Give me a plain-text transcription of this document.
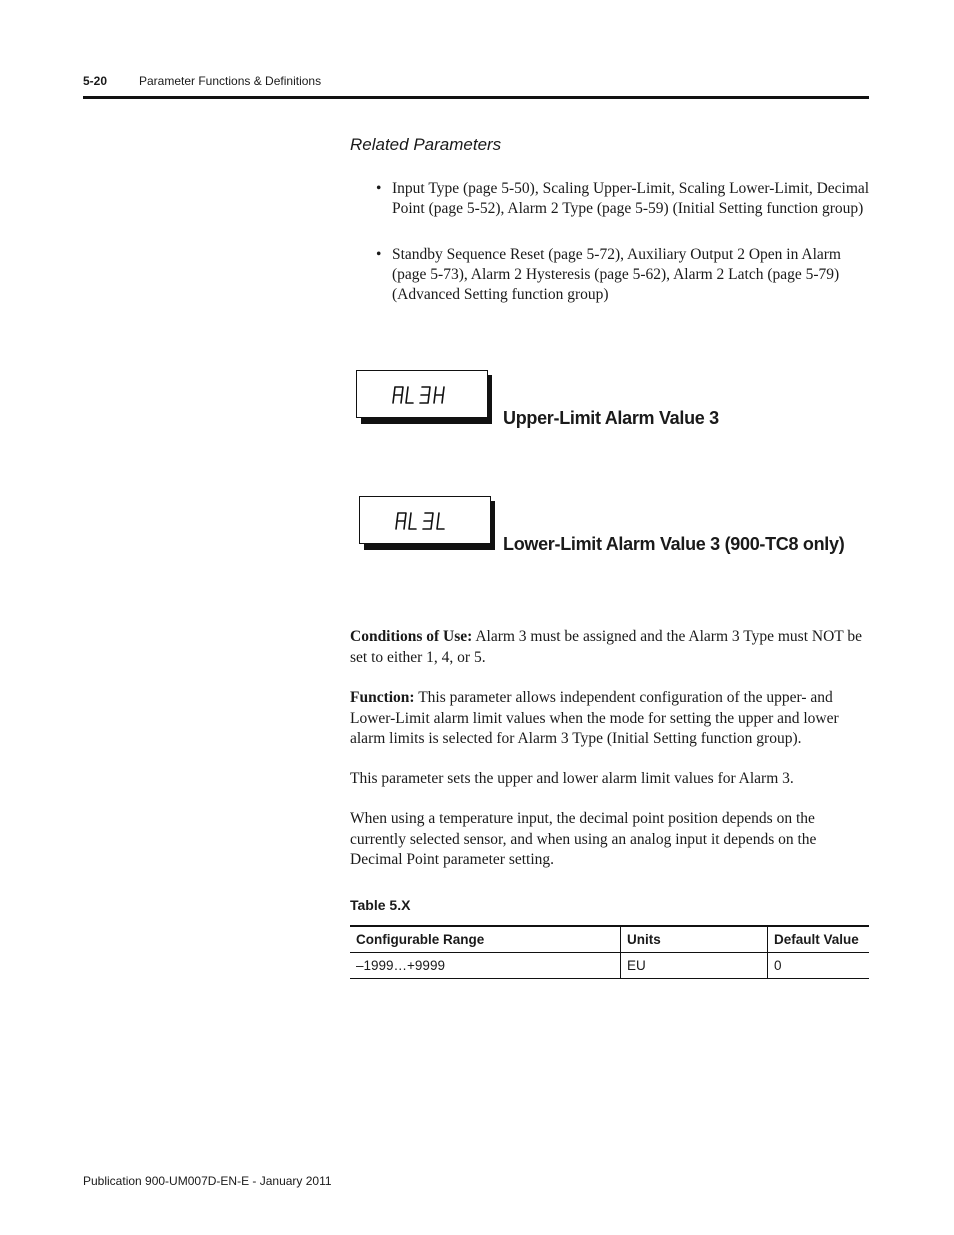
5-20	Parameter Functions & Definitions
Related Parameters
• Input Type (page 5-50), Scaling Upper-Limit, Scaling Lower-Limit, Decimal Point (page 5-52), Alarm 2 Type (page 5-59) (Initial Setting function group)
• Standby Sequence Reset (page 5-72), Auxiliary Output 2 Open in Alarm (page 5-73), Alarm 2 Hysteresis (page 5-62), Alarm 2 Latch (page 5-79) (Advanced Setting function group)
Upper-Limit Alarm Value 3
Lower-Limit Alarm Value 3 (900-TC8 only)
Conditions of Use: Alarm 3 must be assigned and the Alarm 3 Type must NOT be set to either 1, 4, or 5.
Function: This parameter allows independent configuration of the upper- and Lower-Limit alarm limit values when the mode for setting the upper and lower alarm limits is selected for Alarm 3 Type (Initial Setting function group).
This parameter sets the upper and lower alarm limit values for Alarm 3.
When using a temperature input, the decimal point position depends on the currently selected sensor, and when using an analog input it depends on the Decimal Point parameter setting.
Table 5.X
Configurable Range	Units	Default Value
–1999…+9999	EU	0
Publication 900-UM007D-EN-E - January 2011
